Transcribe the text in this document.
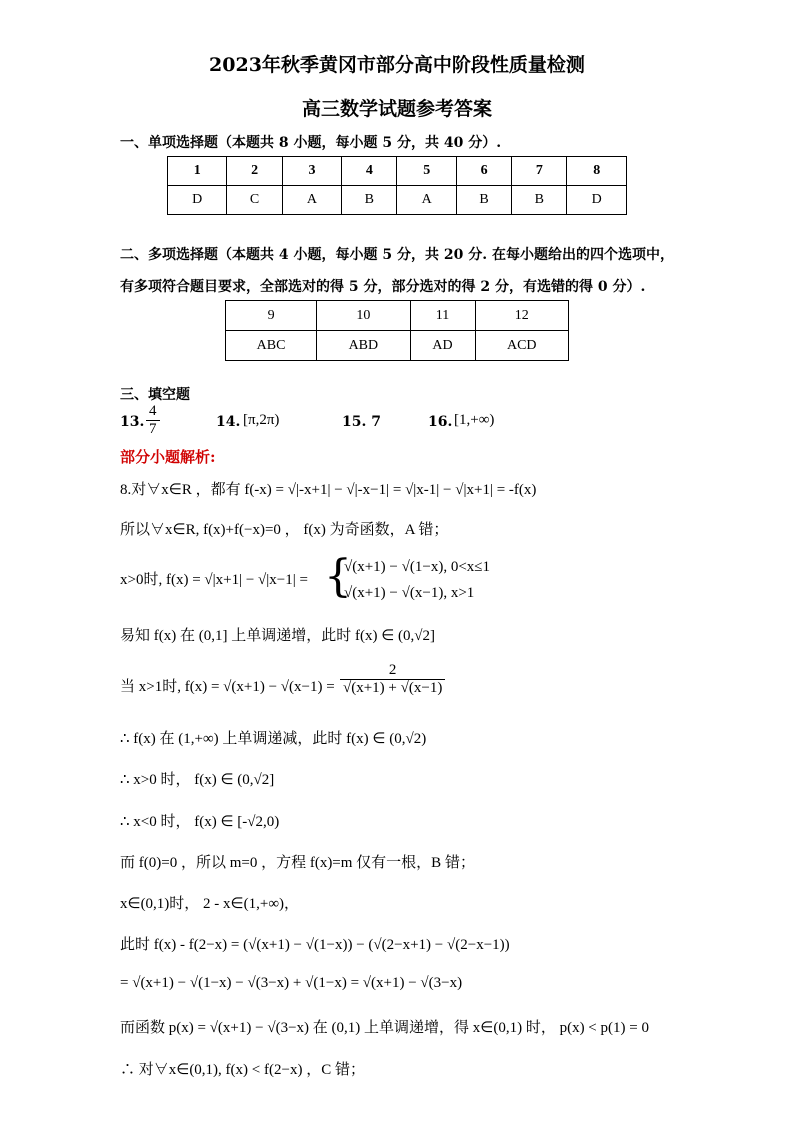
2023年秋季黄冈市部分高中阶段性质量检测
高三数学试题参考答案
一、单项选择题（本题共 8 小题，每小题 5 分，共 40 分）.
1	2	3	4	5	6	7	8
D	C	A	B	A	B	B	D
二、多项选择题（本题共 4 小题，每小题 5 分，共 20 分. 在每小题给出的四个选项中，
有多项符合题目要求，全部选对的得 5 分，部分选对的得 2 分，有选错的得 0 分）.
9	10	11	12
ABC	ABD	AD	ACD
三、填空题
13. $\frac{4}{7}$	14. [π,2π)	15. 7	16. [1,+∞)
部分小题解析:
8.对∀x∈R ，都有 f(-x) = √|-x+1| − √|-x−1| = √|x-1| − √|x+1| = -f(x)
所以∀x∈R, f(x)+f(−x)=0 ， f(x) 为奇函数，A 错；
x>0时, f(x) = √|x+1| − √|x−1| = {
√(x+1) − √(1−x), 0<x≤1
√(x+1) − √(x−1), x>1
易知 f(x) 在 (0,1] 上单调递增，此时 f(x) ∈ (0,√2]
当 x>1时, $f(x) = √(x+1) - √(x-1) = \frac{2}{√(x+1) + √(x-1)}$
∴ f(x) 在 (1,+∞) 上单调递减，此时 f(x) ∈ (0,√2)
∴ x>0 时， f(x) ∈ (0,√2]
∴ x<0 时， f(x) ∈ [-√2,0)
而 f(0)=0 ，所以 m=0 ，方程 f(x)=m 仅有一根，B 错；
x∈(0,1)时， 2 - x∈(1,+∞)，
此时 f(x) - f(2−x) = (√(x+1) − √(1−x)) − (√(2−x+1) − √(2−x−1))
= √(x+1) − √(1−x) − √(3−x) + √(1−x) = √(x+1) − √(3−x)
而函数 p(x) = √(x+1) − √(3−x) 在 (0,1) 上单调递增，得 x∈(0,1) 时， p(x) < p(1) = 0
∴ 对∀x∈(0,1), f(x) < f(2−x) ，C 错；
